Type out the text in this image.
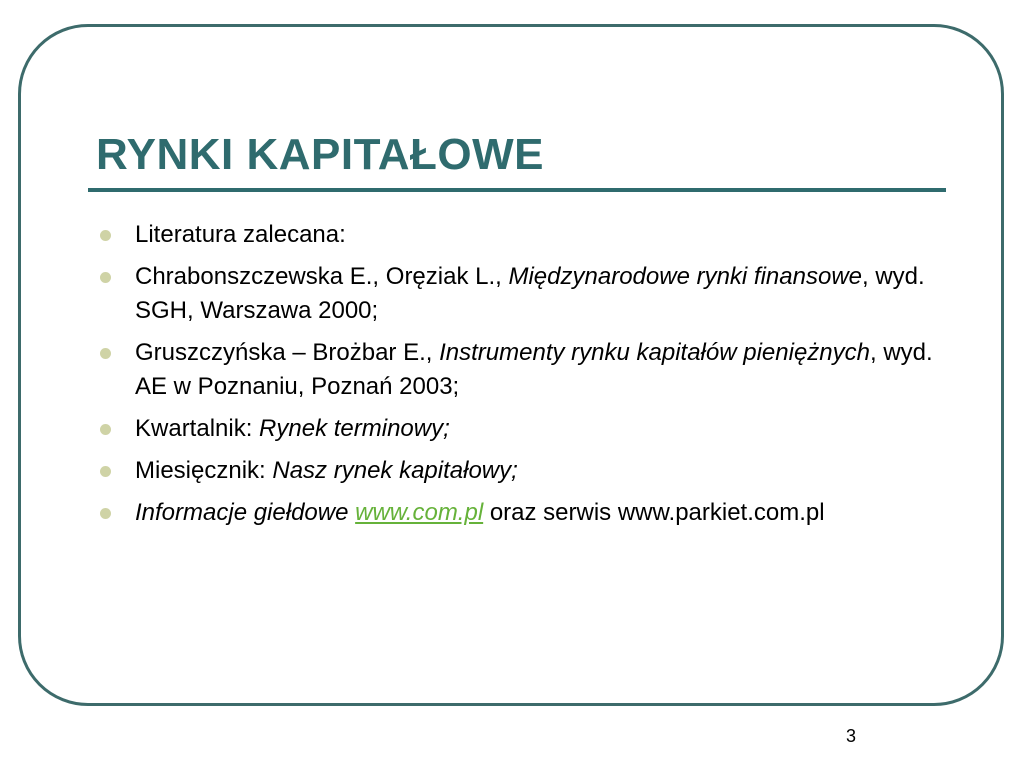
RYNKI KAPITAŁOWE
Literatura zalecana:
Chrabonszczewska E., Oręziak L., Międzynarodowe rynki finansowe, wyd. SGH, Warszawa 2000;
Gruszczyńska – Brożbar E., Instrumenty rynku kapitałów pieniężnych, wyd. AE w Poznaniu, Poznań 2003;
Kwartalnik: Rynek terminowy;
Miesięcznik: Nasz rynek kapitałowy;
Informacje giełdowe www.com.pl oraz serwis www.parkiet.com.pl
3
